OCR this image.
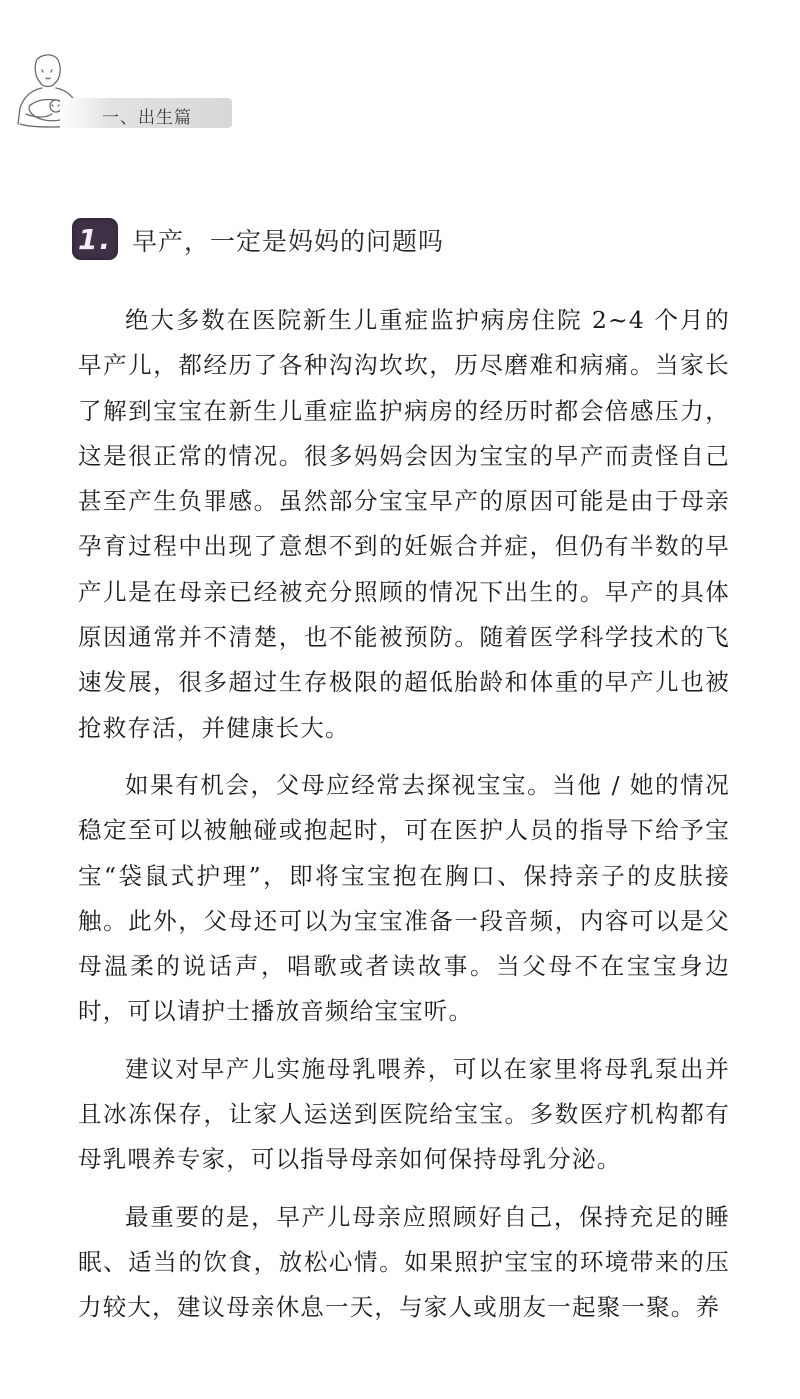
一、出生篇
1. 早产，一定是妈妈的问题吗

绝大多数在医院新生儿重症监护病房住院 2~4 个月的早产儿，都经历了各种沟沟坎坎，历尽磨难和病痛。当家长了解到宝宝在新生儿重症监护病房的经历时都会倍感压力，这是很正常的情况。很多妈妈会因为宝宝的早产而责怪自己甚至产生负罪感。虽然部分宝宝早产的原因可能是由于母亲孕育过程中出现了意想不到的妊娠合并症，但仍有半数的早产儿是在母亲已经被充分照顾的情况下出生的。早产的具体原因通常并不清楚，也不能被预防。随着医学科学技术的飞速发展，很多超过生存极限的超低胎龄和体重的早产儿也被抢救存活，并健康长大。

如果有机会，父母应经常去探视宝宝。当他 / 她的情况稳定至可以被触碰或抱起时，可在医护人员的指导下给予宝宝“袋鼠式护理”，即将宝宝抱在胸口、保持亲子的皮肤接触。此外，父母还可以为宝宝准备一段音频，内容可以是父母温柔的说话声，唱歌或者读故事。当父母不在宝宝身边时，可以请护士播放音频给宝宝听。

建议对早产儿实施母乳喂养，可以在家里将母乳泵出并且冰冻保存，让家人运送到医院给宝宝。多数医疗机构都有母乳喂养专家，可以指导母亲如何保持母乳分泌。

最重要的是，早产儿母亲应照顾好自己，保持充足的睡眠、适当的饮食，放松心情。如果照护宝宝的环境带来的压力较大，建议母亲休息一天，与家人或朋友一起聚一聚。养
